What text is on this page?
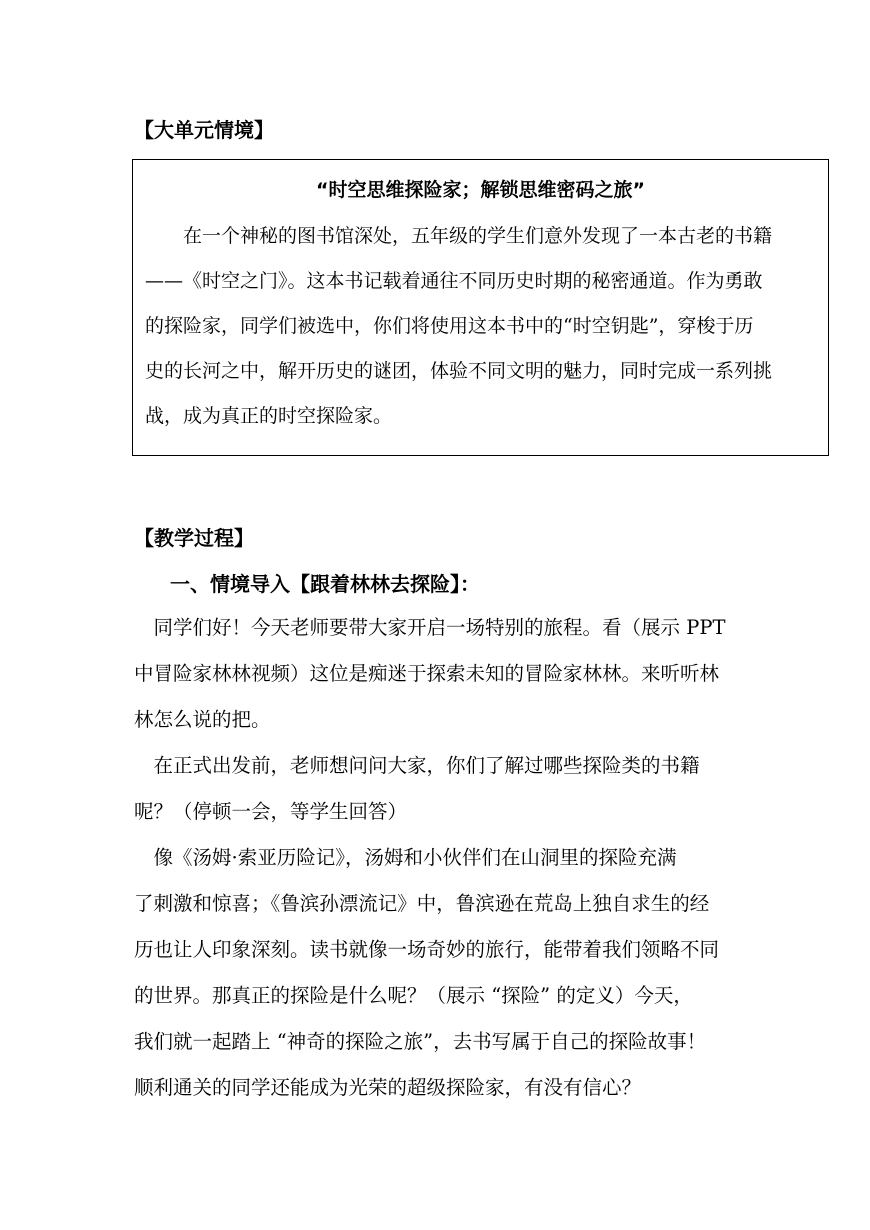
【大单元情境】
“时空思维探险家；解锁思维密码之旅”
　　在一个神秘的图书馆深处，五年级的学生们意外发现了一本古老的书籍
——《时空之门》。这本书记载着通往不同历史时期的秘密通道。作为勇敢
的探险家，同学们被选中，你们将使用这本书中的“时空钥匙”，穿梭于历
史的长河之中，解开历史的谜团，体验不同文明的魅力，同时完成一系列挑
战，成为真正的时空探险家。
【教学过程】
一、情境导入【跟着林林去探险】：
　同学们好！今天老师要带大家开启一场特别的旅程。看（展示 PPT
中冒险家林林视频）这位是痴迷于探索未知的冒险家林林。来听听林
林怎么说的把。
　在正式出发前，老师想问问大家，你们了解过哪些探险类的书籍
呢？（停顿一会，等学生回答）
　像《汤姆·索亚历险记》，汤姆和小伙伴们在山洞里的探险充满
了刺激和惊喜；《鲁滨孙漂流记》中，鲁滨逊在荒岛上独自求生的经
历也让人印象深刻。读书就像一场奇妙的旅行，能带着我们领略不同
的世界。那真正的探险是什么呢？（展示 “探险” 的定义）今天，
我们就一起踏上 “神奇的探险之旅”，去书写属于自己的探险故事！
顺利通关的同学还能成为光荣的超级探险家，有没有信心？
